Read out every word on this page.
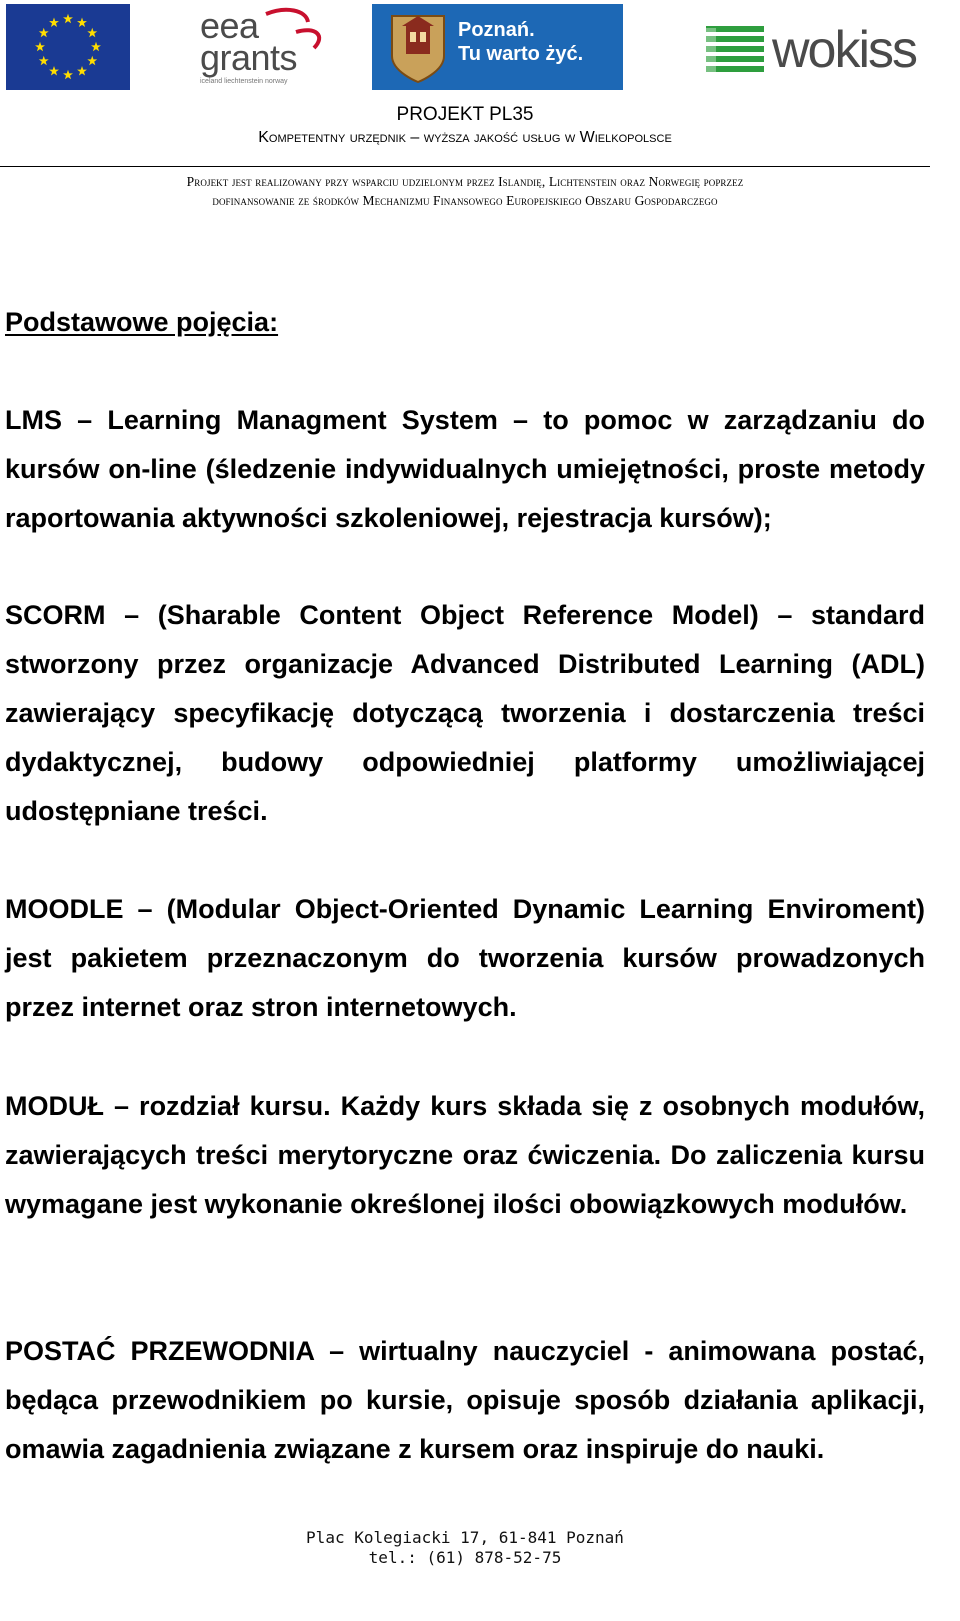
eea
grants
iceland liechtenstein norway
Poznań.
Tu warto żyć.	wokiss
PROJEKT PL35
Kompetentny urzędnik – wyższa jakość usług w Wielkopolsce
Projekt jest realizowany przy wsparciu udzielonym przez Islandię, Lichtenstein oraz Norwegię poprzez
dofinansowanie ze środków Mechanizmu Finansowego Europejskiego Obszaru Gospodarczego
Podstawowe pojęcia:

LMS – Learning Managment System – to pomoc w zarządzaniu do kursów on-line (śledzenie indywidualnych umiejętności, proste metody raportowania aktywności szkoleniowej, rejestracja kursów);

SCORM – (Sharable Content Object Reference Model) – standard stworzony przez organizacje Advanced Distributed Learning (ADL) zawierający specyfikację dotyczącą tworzenia i dostarczenia treści dydaktycznej, budowy odpowiedniej platformy umożliwiającej udostępniane treści.

MOODLE – (Modular Object-Oriented Dynamic Learning Enviroment) jest pakietem przeznaczonym do tworzenia kursów prowadzonych przez internet oraz stron internetowych.

MODUŁ – rozdział kursu. Każdy kurs składa się z osobnych modułów, zawierających treści merytoryczne oraz ćwiczenia. Do zaliczenia kursu wymagane jest wykonanie określonej ilości obowiązkowych modułów.

POSTAĆ PRZEWODNIA – wirtualny nauczyciel - animowana postać, będąca przewodnikiem po kursie, opisuje sposób działania aplikacji, omawia zagadnienia związane z kursem oraz inspiruje do nauki.

Plac Kolegiacki 17, 61-841 Poznań
tel.: (61) 878-52-75
